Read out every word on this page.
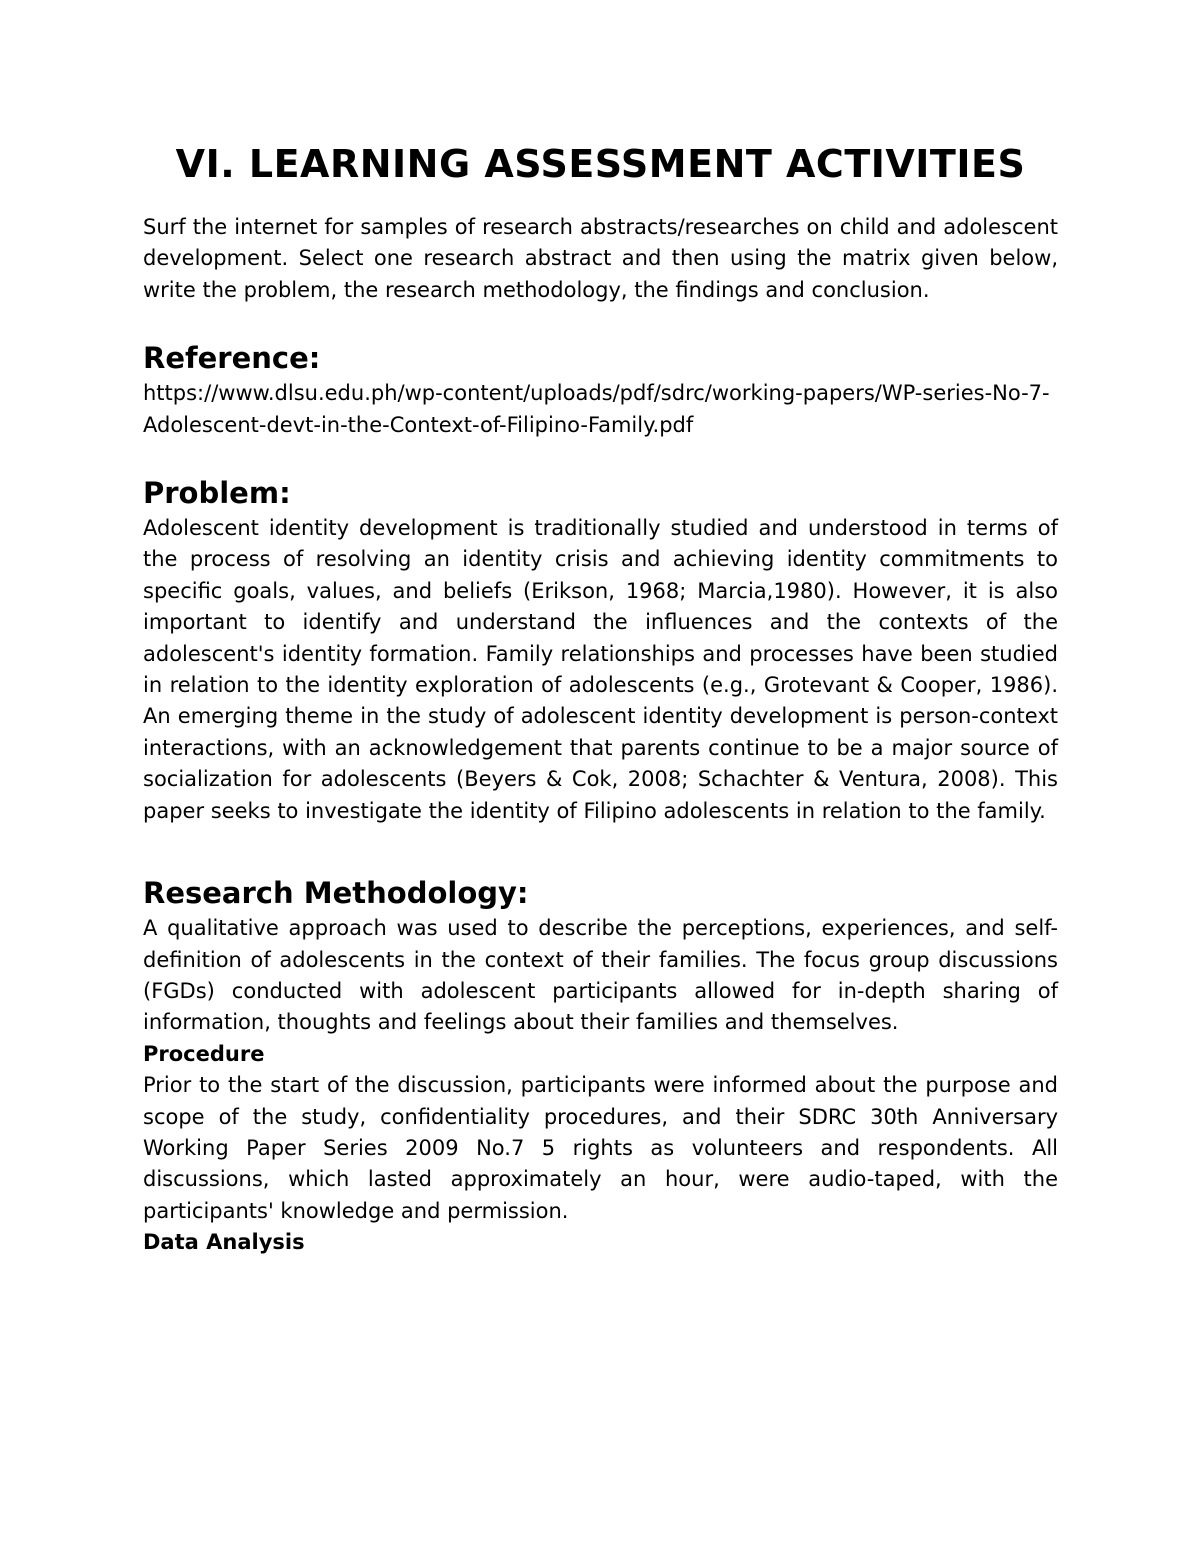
VI. LEARNING ASSESSMENT ACTIVITIES

Surf the internet for samples of research abstracts/researches on child and adolescent development. Select one research abstract and then using the matrix given below, write the problem, the research methodology, the findings and conclusion.

Reference:

https://www.dlsu.edu.ph/wp-content/uploads/pdf/sdrc/working-papers/WP-series-No-7-Adolescent-devt-in-the-Context-of-Filipino-Family.pdf

Problem:

Adolescent identity development is traditionally studied and understood in terms of the process of resolving an identity crisis and achieving identity commitments to specific goals, values, and beliefs (Erikson, 1968; Marcia,1980). However, it is also important to identify and understand the influences and the contexts of the adolescent's identity formation. Family relationships and processes have been studied in relation to the identity exploration of adolescents (e.g., Grotevant & Cooper, 1986). An emerging theme in the study of adolescent identity development is person-context interactions, with an acknowledgement that parents continue to be a major source of socialization for adolescents (Beyers & Cok, 2008; Schachter & Ventura, 2008). This paper seeks to investigate the identity of Filipino adolescents in relation to the family.

Research Methodology:

A qualitative approach was used to describe the perceptions, experiences, and self-definition of adolescents in the context of their families. The focus group discussions (FGDs) conducted with adolescent participants allowed for in-depth sharing of information, thoughts and feelings about their families and themselves.

Procedure

Prior to the start of the discussion, participants were informed about the purpose and scope of the study, confidentiality procedures, and their SDRC 30th Anniversary Working Paper Series 2009 No.7 5 rights as volunteers and respondents. All discussions, which lasted approximately an hour, were audio-taped, with the participants' knowledge and permission.

Data Analysis
